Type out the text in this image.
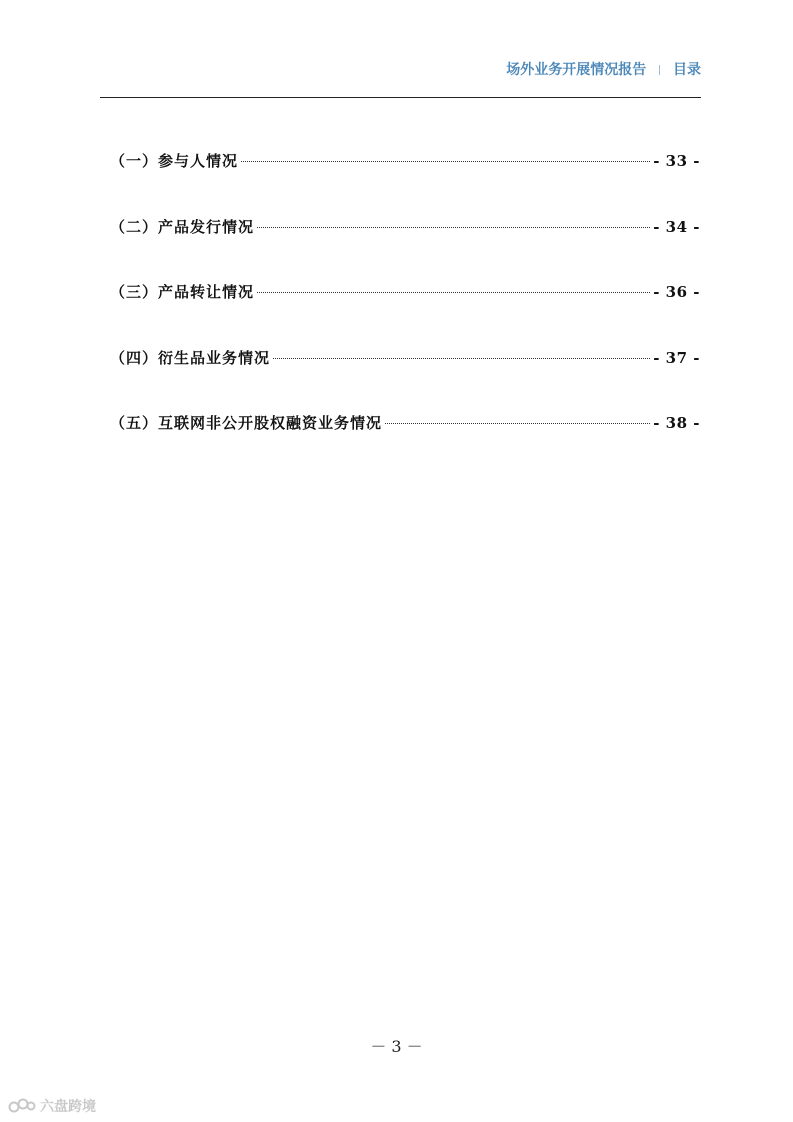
场外业务开展情况报告 目录
（一）参与人情况	- 33 -
（二）产品发行情况	- 34 -
（三）产品转让情况	- 36 -
（四）衍生品业务情况	- 37 -
（五）互联网非公开股权融资业务情况	- 38 -
－ 3 －
六盘跨境
